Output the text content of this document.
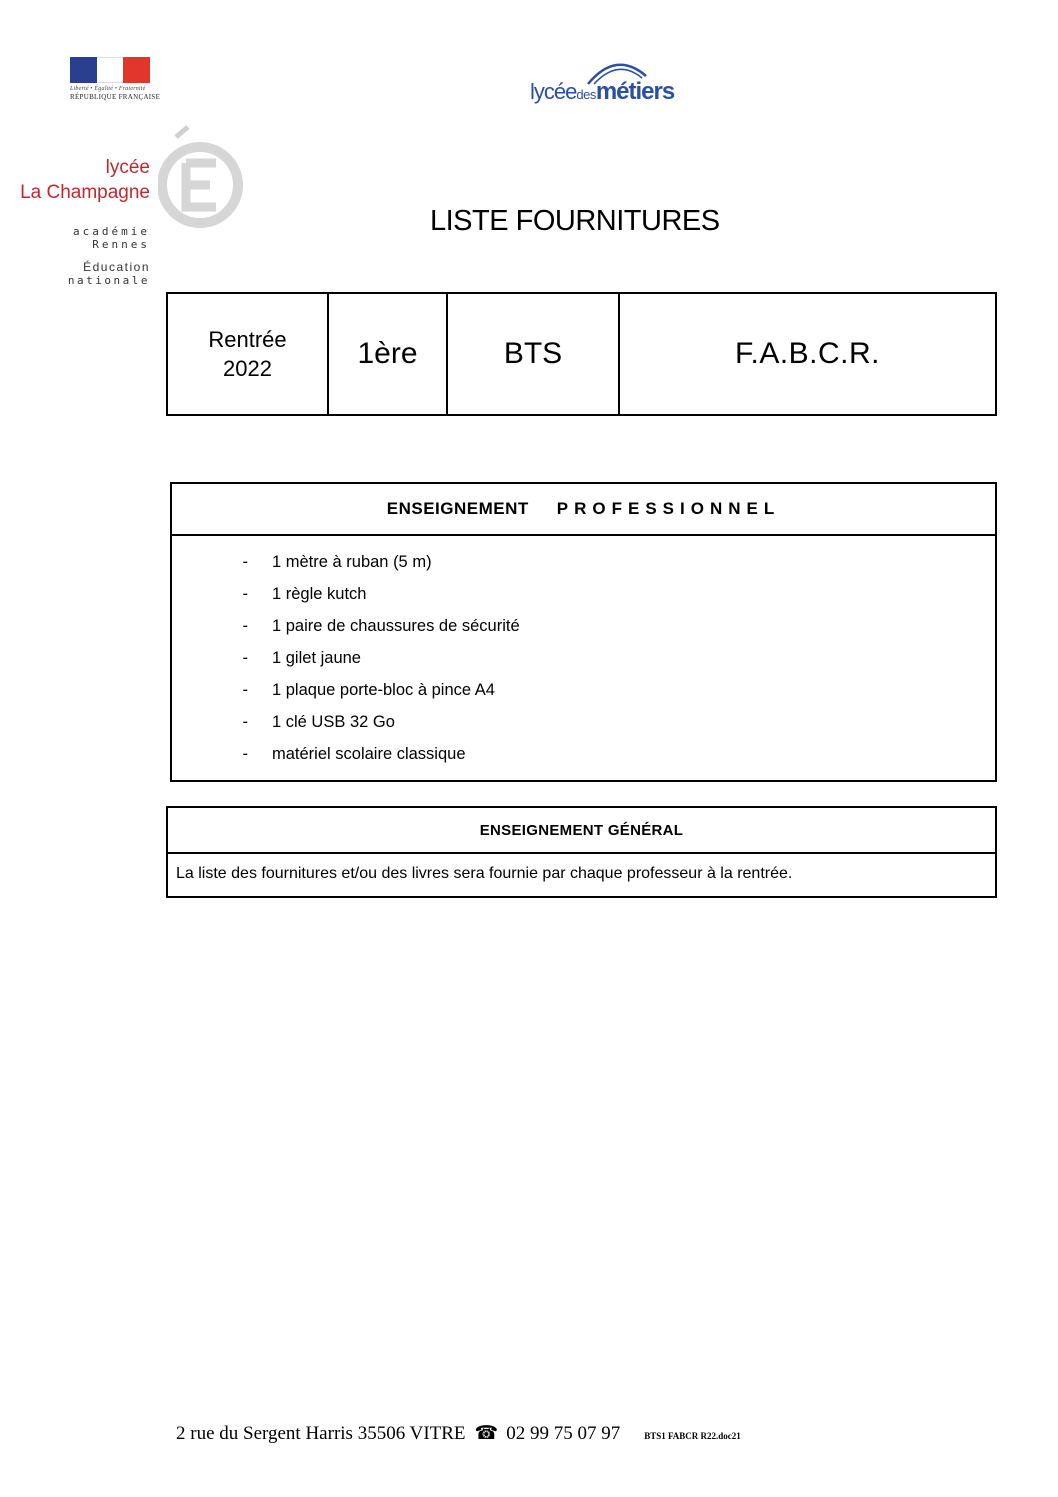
Liberté • Égalité • Fraternité
RÉPUBLIQUE FRANÇAISE	lycéedesmétiers
lycée
La Champagne
académie
Rennes
Éducation
nationale
LISTE FOURNITURES
Rentrée
2022	1ère	BTS	F.A.B.C.R.
ENSEIGNEMENT PROFESSIONNEL
-	1 mètre à ruban (5 m)
-	1 règle kutch
-	1 paire de chaussures de sécurité
-	1 gilet jaune
-	1 plaque porte-bloc à pince A4
-	1 clé USB 32 Go
-	matériel scolaire classique
ENSEIGNEMENT GÉNÉRAL
La liste des fournitures et/ou des livres sera fournie par chaque professeur à la rentrée.
2 rue du Sergent Harris 35506 VITRE ☎ 02 99 75 07 97	BTS1 FABCR R22.doc21
